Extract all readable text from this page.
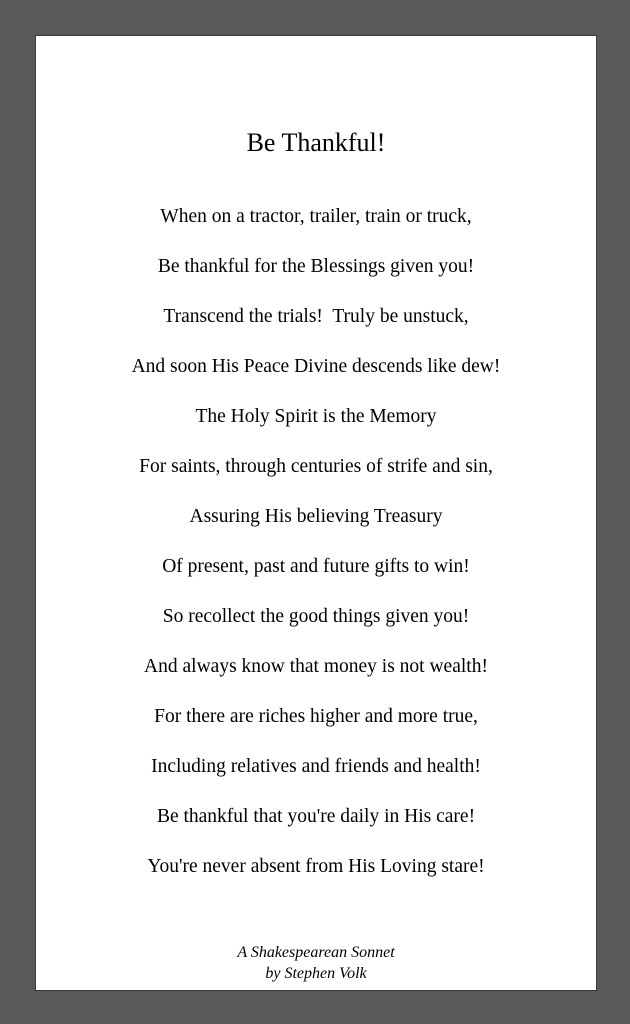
Be Thankful!
When on a tractor, trailer, train or truck,
Be thankful for the Blessings given you!
Transcend the trials!  Truly be unstuck,
And soon His Peace Divine descends like dew!
The Holy Spirit is the Memory
For saints, through centuries of strife and sin,
Assuring His believing Treasury
Of present, past and future gifts to win!
So recollect the good things given you!
And always know that money is not wealth!
For there are riches higher and more true,
Including relatives and friends and health!
Be thankful that you're daily in His care!
You're never absent from His Loving stare!
A Shakespearean Sonnet
by Stephen Volk
